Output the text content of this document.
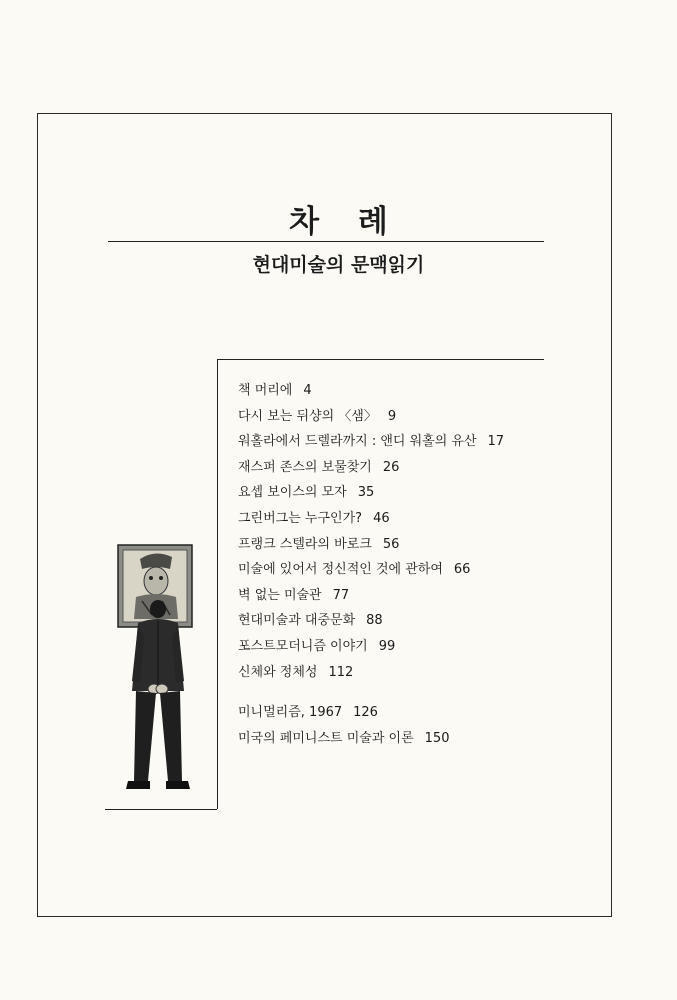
차 례
현대미술의 문맥읽기
책 머리에 4
다시 보는 뒤샹의 〈샘〉 9
워홀라에서 드렐라까지 : 앤디 워홀의 유산 17
재스퍼 존스의 보물찾기 26
요셉 보이스의 모자 35
그린버그는 누구인가? 46
프랭크 스텔라의 바로크 56
미술에 있어서 정신적인 것에 관하여 66
벽 없는 미술관 77
현대미술과 대중문화 88
포스트모더니즘 이야기 99
신체와 정체성 112
미니멀리즘, 1967 126
미국의 페미니스트 미술과 이론 150
